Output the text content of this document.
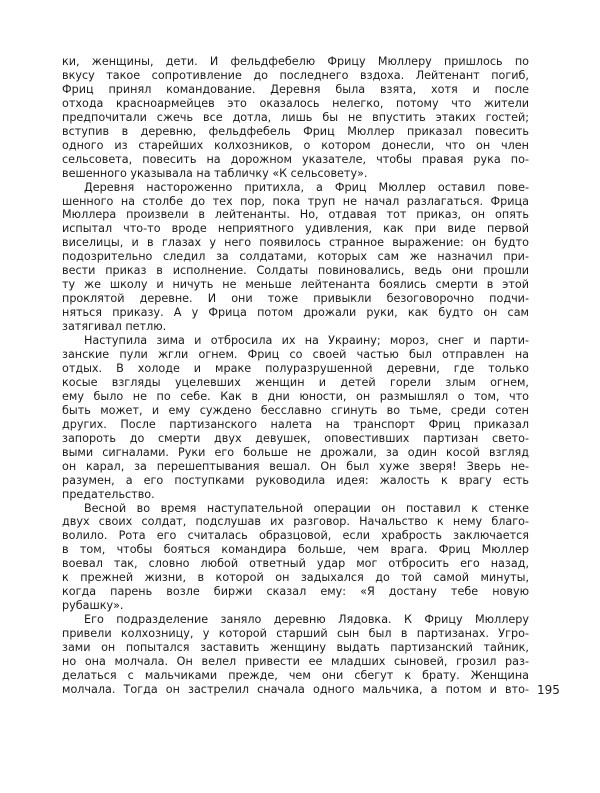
ки, женщины, дети. И фельдфебелю Фрицу Мюллеру пришлось по
вкусу такое сопротивление до последнего вздоха. Лейтенант погиб,
Фриц принял командование. Деревня была взята, хотя и после
отхода красноармейцев это оказалось нелегко, потому что жители
предпочитали сжечь все дотла, лишь бы не впустить этаких гостей;
вступив в деревню, фельдфебель Фриц Мюллер приказал повесить
одного из старейших колхозников, о котором донесли, что он член
сельсовета, повесить на дорожном указателе, чтобы правая рука по-
вешенного указывала на табличку «К сельсовету».
Деревня настороженно притихла, а Фриц Мюллер оставил пове-
шенного на столбе до тех пор, пока труп не начал разлагаться. Фрица
Мюллера произвели в лейтенанты. Но, отдавая тот приказ, он опять
испытал что-то вроде неприятного удивления, как при виде первой
виселицы, и в глазах у него появилось странное выражение: он будто
подозрительно следил за солдатами, которых сам же назначил при-
вести приказ в исполнение. Солдаты повиновались, ведь они прошли
ту же школу и ничуть не меньше лейтенанта боялись смерти в этой
проклятой деревне. И они тоже привыкли безоговорочно подчи-
няться приказу. А у Фрица потом дрожали руки, как будто он сам
затягивал петлю.
Наступила зима и отбросила их на Украину; мороз, снег и парти-
занские пули жгли огнем. Фриц со своей частью был отправлен на
отдых. В холоде и мраке полуразрушенной деревни, где только
косые взгляды уцелевших женщин и детей горели злым огнем,
ему было не по себе. Как в дни юности, он размышлял о том, что
быть может, и ему суждено бесславно сгинуть во тьме, среди сотен
других. После партизанского налета на транспорт Фриц приказал
запороть до смерти двух девушек, оповестивших партизан свето-
выми сигналами. Руки его больше не дрожали, за один косой взгляд
он карал, за перешептывания вешал. Он был хуже зверя! Зверь не-
разумен, а его поступками руководила идея: жалость к врагу есть
предательство.
Весной во время наступательной операции он поставил к стенке
двух своих солдат, подслушав их разговор. Начальство к нему благо-
волило. Рота его считалась образцовой, если храбрость заключается
в том, чтобы бояться командира больше, чем врага. Фриц Мюллер
воевал так, словно любой ответный удар мог отбросить его назад,
к прежней жизни, в которой он задыхался до той самой минуты,
когда парень возле биржи сказал ему: «Я достану тебе новую
рубашку».
Его подразделение заняло деревню Лядовка. К Фрицу Мюллеру
привели колхозницу, у которой старший сын был в партизанах. Угро-
зами он попытался заставить женщину выдать партизанский тайник,
но она молчала. Он велел привести ее младших сыновей, грозил раз-
делаться с мальчиками прежде, чем они сбегут к брату. Женщина
молчала. Тогда он застрелил сначала одного мальчика, а потом и вто- 195
